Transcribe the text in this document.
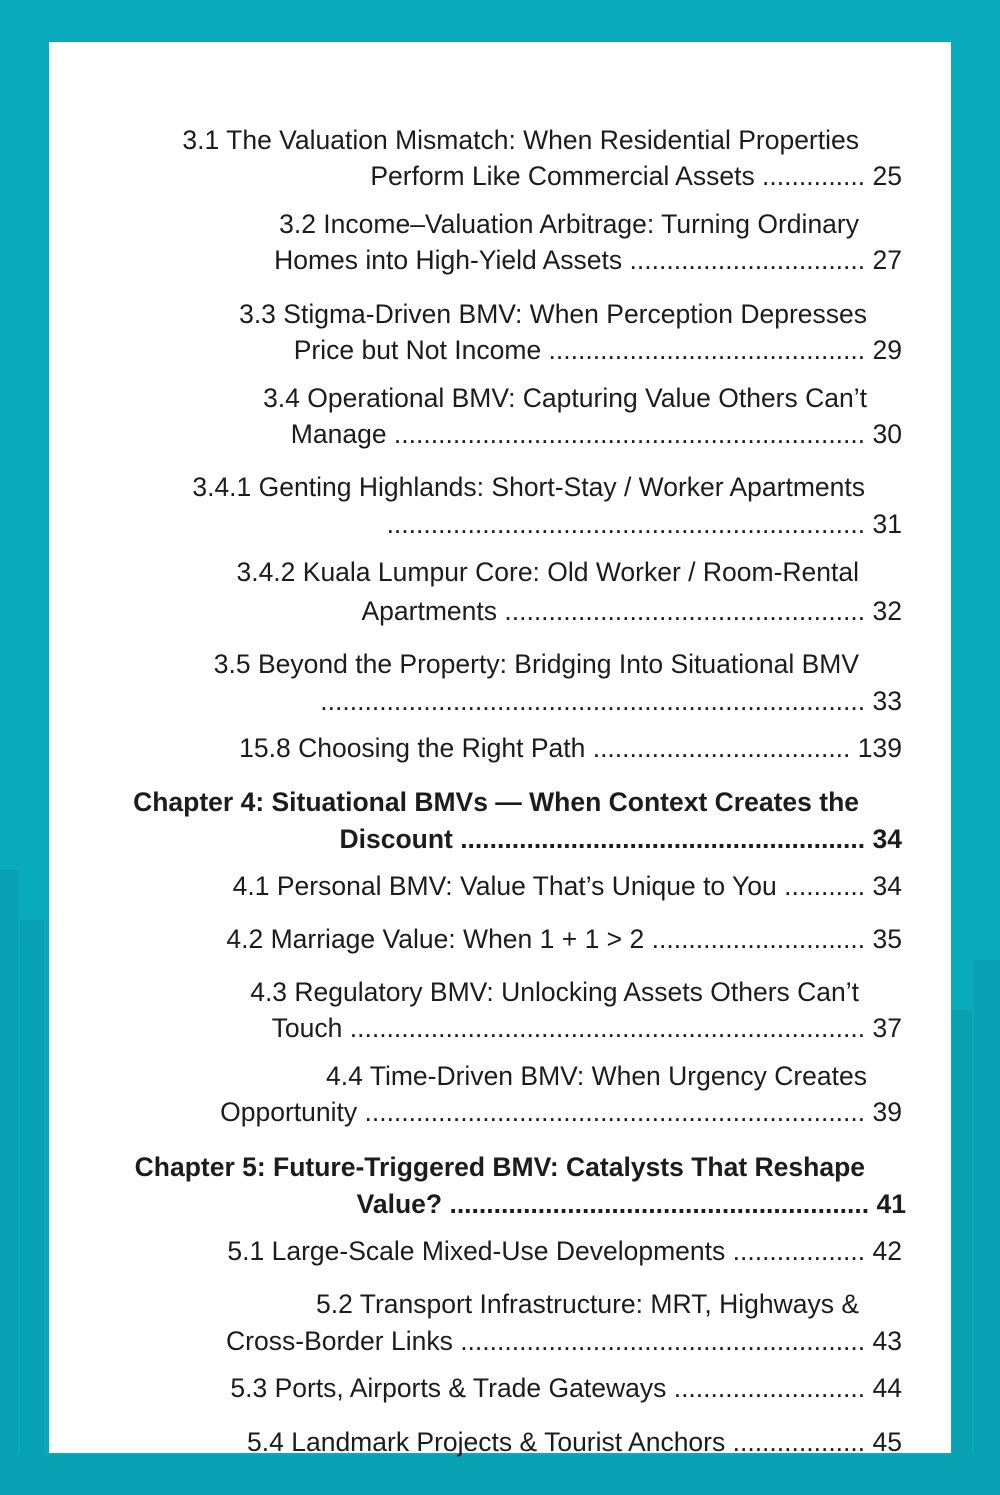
3.1 The Valuation Mismatch: When Residential Properties
Perform Like Commercial Assets .............. 25
3.2 Income–Valuation Arbitrage: Turning Ordinary
Homes into High-Yield Assets ................................ 27
3.3 Stigma-Driven BMV: When Perception Depresses
Price but Not Income ........................................... 29
3.4 Operational BMV: Capturing Value Others Can’t
Manage ................................................................ 30
3.4.1 Genting Highlands: Short-Stay / Worker Apartments
................................................................. 31
3.4.2 Kuala Lumpur Core: Old Worker / Room-Rental
Apartments ................................................. 32
3.5 Beyond the Property: Bridging Into Situational BMV
.......................................................................... 33
15.8 Choosing the Right Path ................................... 139
Chapter 4: Situational BMVs — When Context Creates the
Discount ....................................................... 34
4.1 Personal BMV: Value That’s Unique to You ........... 34
4.2 Marriage Value: When 1 + 1 > 2 ............................. 35
4.3 Regulatory BMV: Unlocking Assets Others Can’t
Touch ...................................................................... 37
4.4 Time-Driven BMV: When Urgency Creates
Opportunity .................................................................... 39
Chapter 5: Future-Triggered BMV: Catalysts That Reshape
Value? ......................................................... 41
5.1 Large-Scale Mixed-Use Developments .................. 42
5.2 Transport Infrastructure: MRT, Highways &
Cross-Border Links ....................................................... 43
5.3 Ports, Airports & Trade Gateways .......................... 44
5.4 Landmark Projects & Tourist Anchors .................. 45
